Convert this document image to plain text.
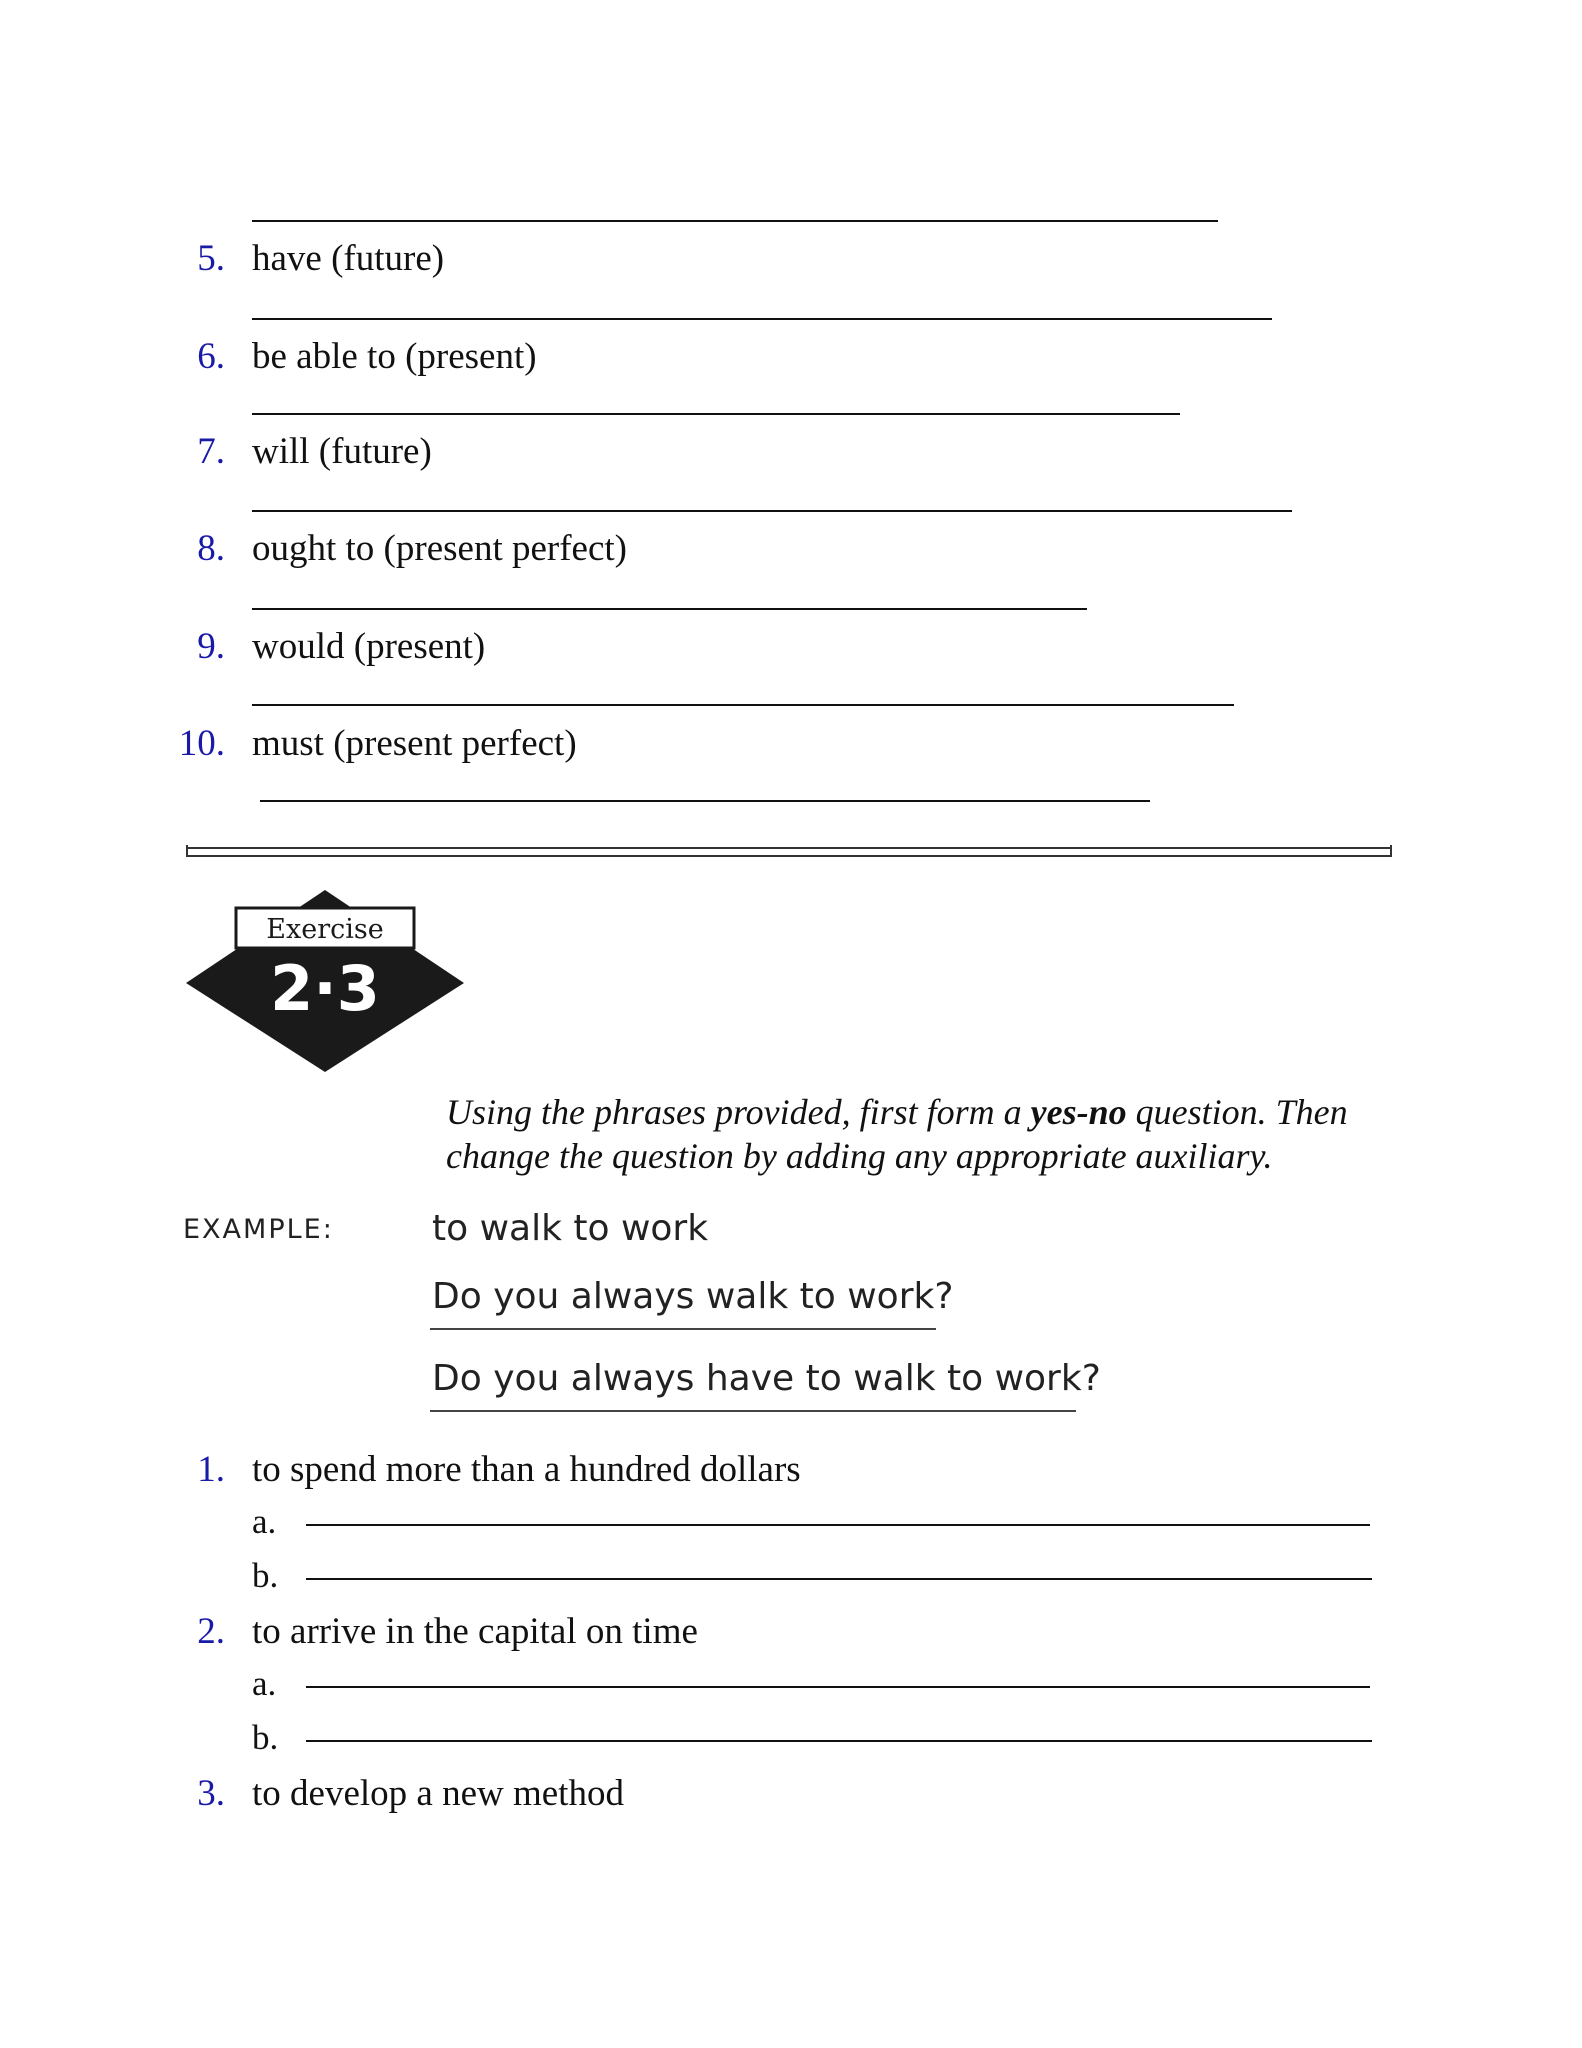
5. have (future)
6. be able to (present)
7. will (future)
8. ought to (present perfect)
9. would (present)
10. must (present perfect)
Exercise
2·3
Using the phrases provided, first form a yes-no question. Then change the question by adding any appropriate auxiliary.
EXAMPLE:	to walk to work
Do you always walk to work?
Do you always have to walk to work?
1. to spend more than a hundred dollars
a.
b.
2. to arrive in the capital on time
a.
b.
3. to develop a new method
